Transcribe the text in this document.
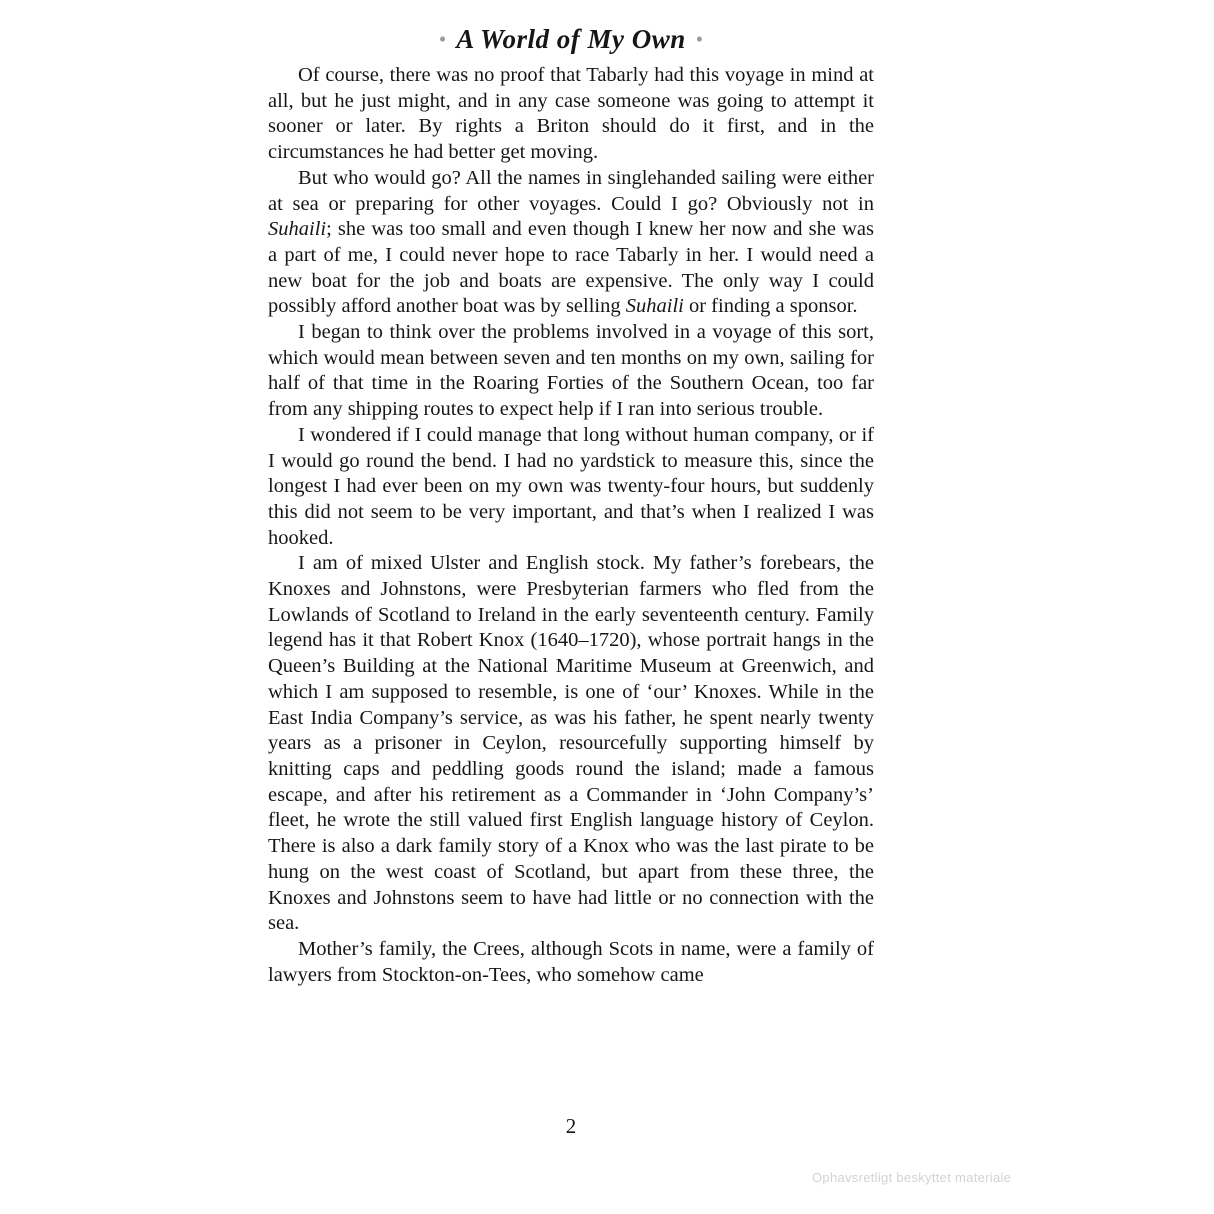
• A World of My Own •

Of course, there was no proof that Tabarly had this voyage in mind at all, but he just might, and in any case someone was going to attempt it sooner or later. By rights a Briton should do it first, and in the circumstances he had better get moving.

But who would go? All the names in singlehanded sailing were either at sea or preparing for other voyages. Could I go? Obviously not in Suhaili; she was too small and even though I knew her now and she was a part of me, I could never hope to race Tabarly in her. I would need a new boat for the job and boats are expensive. The only way I could possibly afford another boat was by selling Suhaili or finding a sponsor.

I began to think over the problems involved in a voyage of this sort, which would mean between seven and ten months on my own, sailing for half of that time in the Roaring Forties of the Southern Ocean, too far from any shipping routes to expect help if I ran into serious trouble.

I wondered if I could manage that long without human company, or if I would go round the bend. I had no yardstick to measure this, since the longest I had ever been on my own was twenty-four hours, but suddenly this did not seem to be very important, and that’s when I realized I was hooked.

I am of mixed Ulster and English stock. My father’s forebears, the Knoxes and Johnstons, were Presbyterian farmers who fled from the Lowlands of Scotland to Ireland in the early seventeenth century. Family legend has it that Robert Knox (1640–1720), whose portrait hangs in the Queen’s Building at the National Maritime Museum at Greenwich, and which I am supposed to resemble, is one of ‘our’ Knoxes. While in the East India Company’s service, as was his father, he spent nearly twenty years as a prisoner in Ceylon, resourcefully supporting himself by knitting caps and peddling goods round the island; made a famous escape, and after his retirement as a Commander in ‘John Company’s’ fleet, he wrote the still valued first English language history of Ceylon. There is also a dark family story of a Knox who was the last pirate to be hung on the west coast of Scotland, but apart from these three, the Knoxes and Johnstons seem to have had little or no connection with the sea.

Mother’s family, the Crees, although Scots in name, were a family of lawyers from Stockton-on-Tees, who somehow came

2
Ophavsretligt beskyttet materiale
